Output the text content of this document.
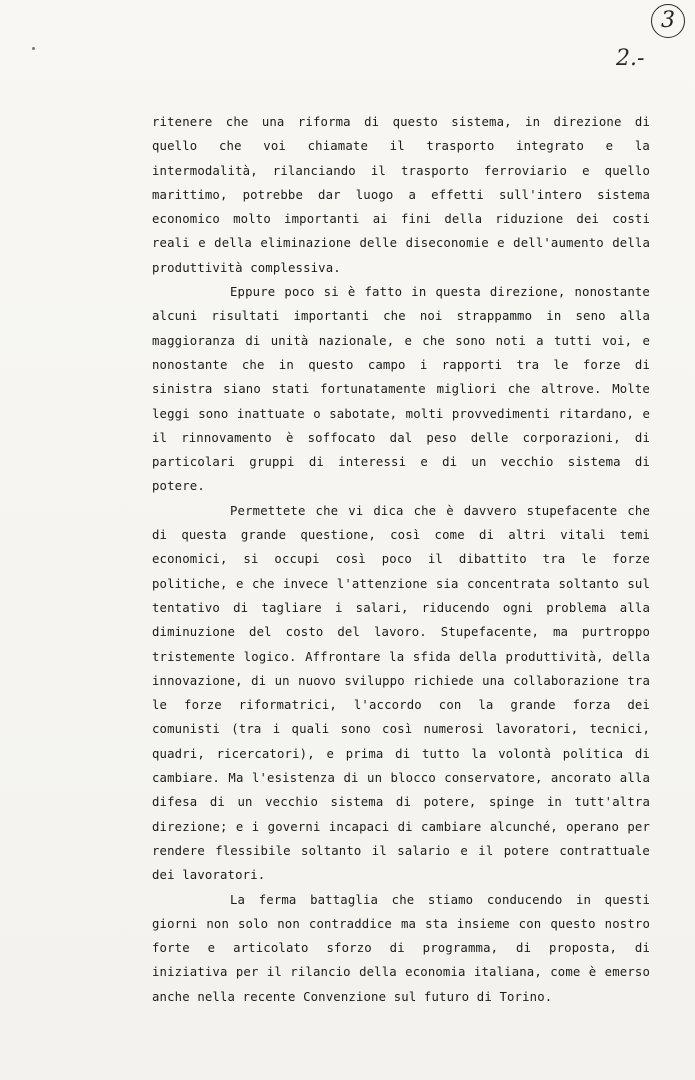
3
2.-

ritenere che una riforma di questo sistema, in direzione di quello che voi chiamate il trasporto integrato e la intermodalità, rilanciando il trasporto ferroviario e quello marittimo, potrebbe dar luogo a effetti sull'intero sistema economico molto importanti ai fini della riduzione dei costi reali e della eliminazione delle diseconomie e dell'aumento della produttività complessiva.

Eppure poco si è fatto in questa direzione, nonostante alcuni risultati importanti che noi strappammo in seno alla maggioranza di unità nazionale, e che sono noti a tutti voi, e nonostante che in questo campo i rapporti tra le forze di sinistra siano stati fortunatamente migliori che altrove. Molte leggi sono inattuate o sabotate, molti provvedimenti ritardano, e il rinnovamento è soffocato dal peso delle corporazioni, di particolari gruppi di interessi e di un vecchio sistema di potere.

Permettete che vi dica che è davvero stupefacente che di questa grande questione, così come di altri vitali temi economici, si occupi così poco il dibattito tra le forze politiche, e che invece l'attenzione sia concentrata soltanto sul tentativo di tagliare i salari, riducendo ogni problema alla diminuzione del costo del lavoro. Stupefacente, ma purtroppo tristemente logico. Affrontare la sfida della produttività, della innovazione, di un nuovo sviluppo richiede una collaborazione tra le forze riformatrici, l'accordo con la grande forza dei comunisti (tra i quali sono così numerosi lavoratori, tecnici, quadri, ricercatori), e prima di tutto la volontà politica di cambiare. Ma l'esistenza di un blocco conservatore, ancorato alla difesa di un vecchio sistema di potere, spinge in tutt'altra direzione; e i governi incapaci di cambiare alcunché, operano per rendere flessibile soltanto il salario e il potere contrattuale dei lavoratori.

La ferma battaglia che stiamo conducendo in questi giorni non solo non contraddice ma sta insieme con questo nostro forte e articolato sforzo di programma, di proposta, di iniziativa per il rilancio della economia italiana, come è emerso anche nella recente Convenzione sul futuro di Torino.
